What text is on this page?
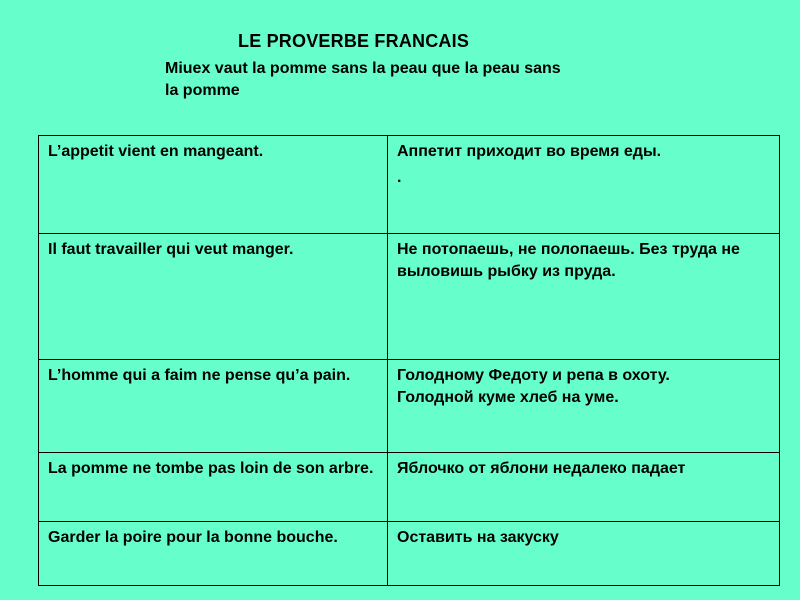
LE PROVERBE FRANCAIS
Miuex vaut la pomme sans la peau que la peau sans la pomme
L’appetit vient en mangeant.	Аппетит приходит во время еды.
.

Il faut travailler qui veut manger.	Не потопаешь, не полопаешь. Без труда не выловишь рыбку из пруда.
L’homme qui a faim ne pense qu’a pain.	Голодному Федоту и репа в охоту.
Голодной куме хлеб на уме.

La pomme ne tombe pas loin de son arbre.	Яблочко от яблони недалеко падает
Garder la poire pour la bonne bouche.	Оставить на закуску
